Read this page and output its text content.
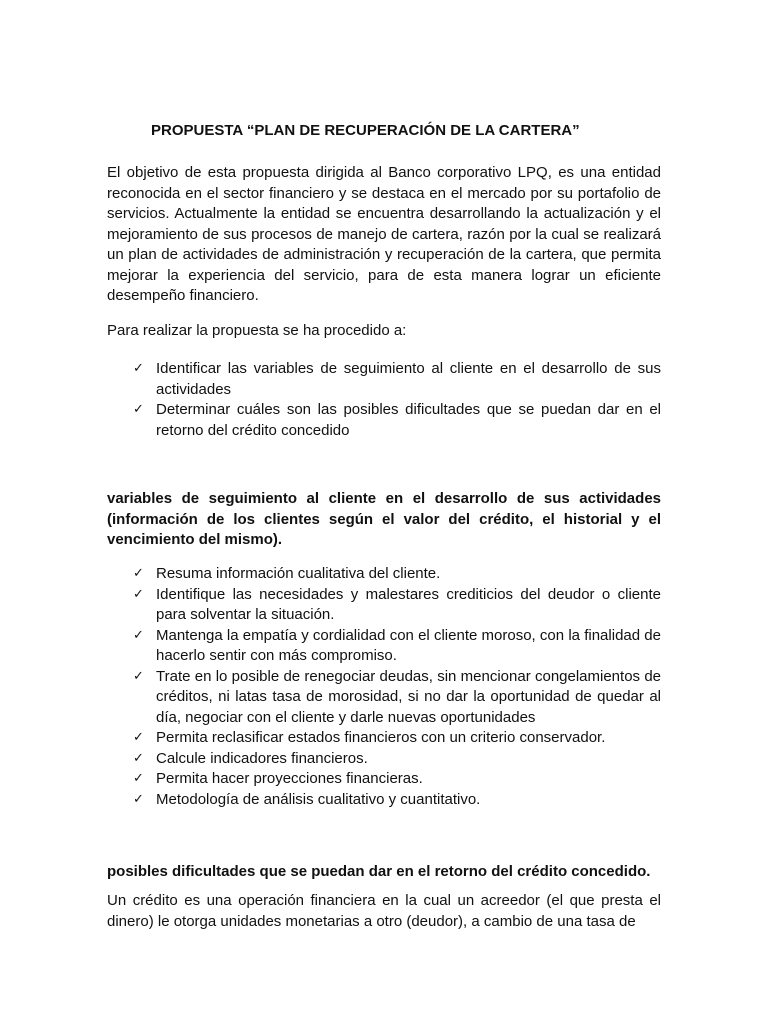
PROPUESTA “PLAN DE RECUPERACIÓN DE LA CARTERA”

El objetivo de esta propuesta dirigida al Banco corporativo LPQ, es una entidad reconocida en el sector financiero y se destaca en el mercado por su portafolio de servicios. Actualmente la entidad se encuentra desarrollando la actualización y el mejoramiento de sus procesos de manejo de cartera, razón por la cual se realizará un plan de actividades de administración y recuperación de la cartera, que permita mejorar la experiencia del servicio, para de esta manera lograr un eficiente desempeño financiero.

Para realizar la propuesta se ha procedido a:

✓ Identificar las variables de seguimiento al cliente en el desarrollo de sus actividades
✓ Determinar cuáles son las posibles dificultades que se puedan dar en el retorno del crédito concedido

variables de seguimiento al cliente en el desarrollo de sus actividades (información de los clientes según el valor del crédito, el historial y el vencimiento del mismo).

✓ Resuma información cualitativa del cliente.
✓ Identifique las necesidades y malestares crediticios del deudor o cliente para solventar la situación.
✓ Mantenga la empatía y cordialidad con el cliente moroso, con la finalidad de hacerlo sentir con más compromiso.
✓ Trate en lo posible de renegociar deudas, sin mencionar congelamientos de créditos, ni latas tasa de morosidad, si no dar la oportunidad de quedar al día, negociar con el cliente y darle nuevas oportunidades
✓ Permita reclasificar estados financieros con un criterio conservador.
✓ Calcule indicadores financieros.
✓ Permita hacer proyecciones financieras.
✓ Metodología de análisis cualitativo y cuantitativo.

posibles dificultades que se puedan dar en el retorno del crédito concedido.

Un crédito es una operación financiera en la cual un acreedor (el que presta el dinero) le otorga unidades monetarias a otro (deudor), a cambio de una tasa de
